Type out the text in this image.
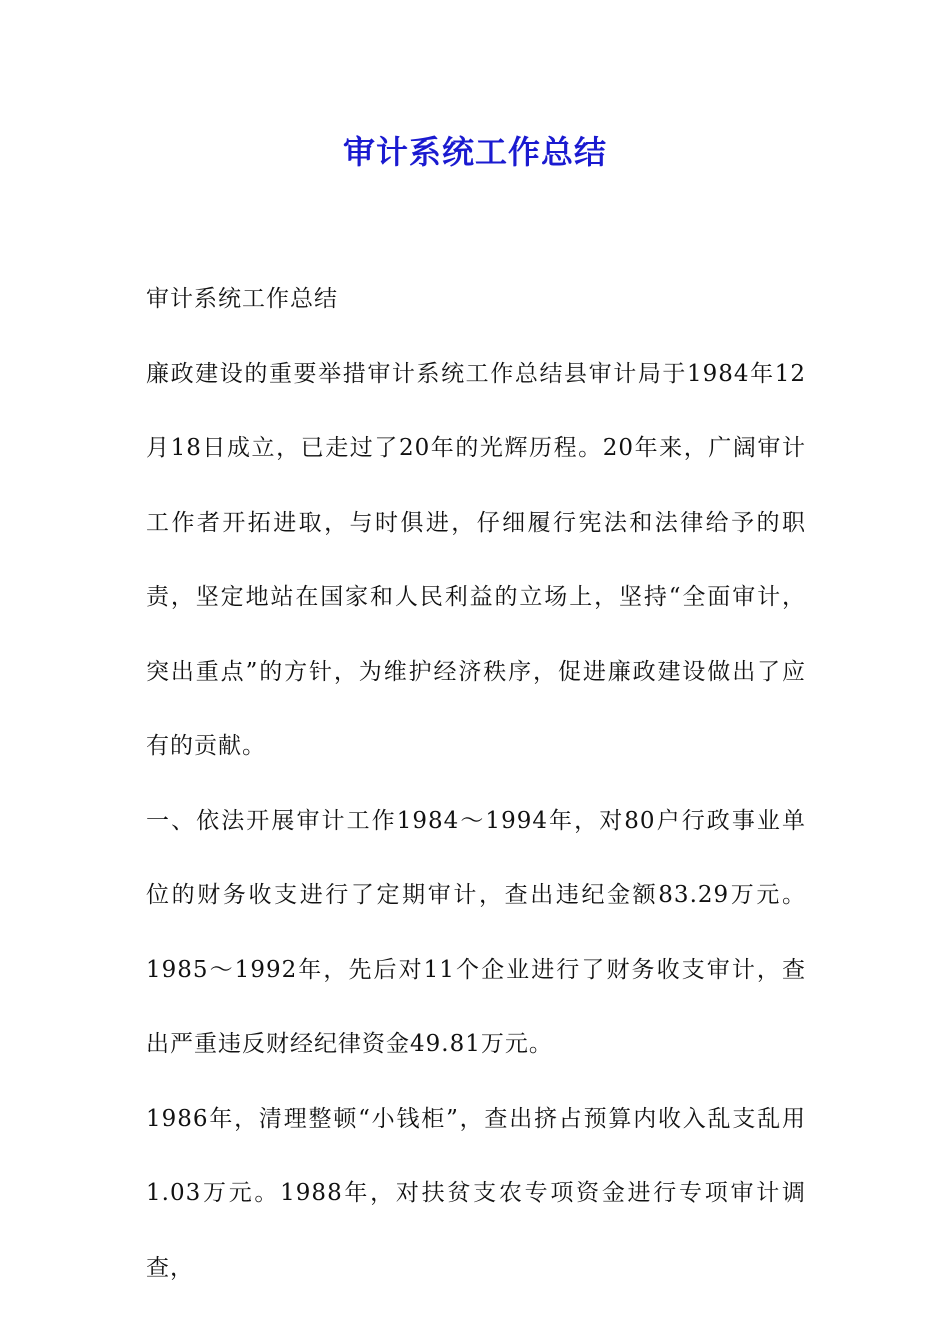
审计系统工作总结

审计系统工作总结

廉政建设的重要举措审计系统工作总结县审计局于1984年12月18日成立，已走过了20年的光辉历程。20年来，广阔审计工作者开拓进取，与时俱进，仔细履行宪法和法律给予的职责，坚定地站在国家和人民利益的立场上，坚持“全面审计，突出重点”的方针，为维护经济秩序，促进廉政建设做出了应有的贡献。

一、依法开展审计工作1984～1994年，对80户行政事业单位的财务收支进行了定期审计，查出违纪金额83.29万元。1985～1992年，先后对11个企业进行了财务收支审计，查出严重违反财经纪律资金49.81万元。

1986年，清理整顿“小钱柜”，查出挤占预算内收入乱支乱用1.03万元。1988年，对扶贫支农专项资金进行专项审计调查，
